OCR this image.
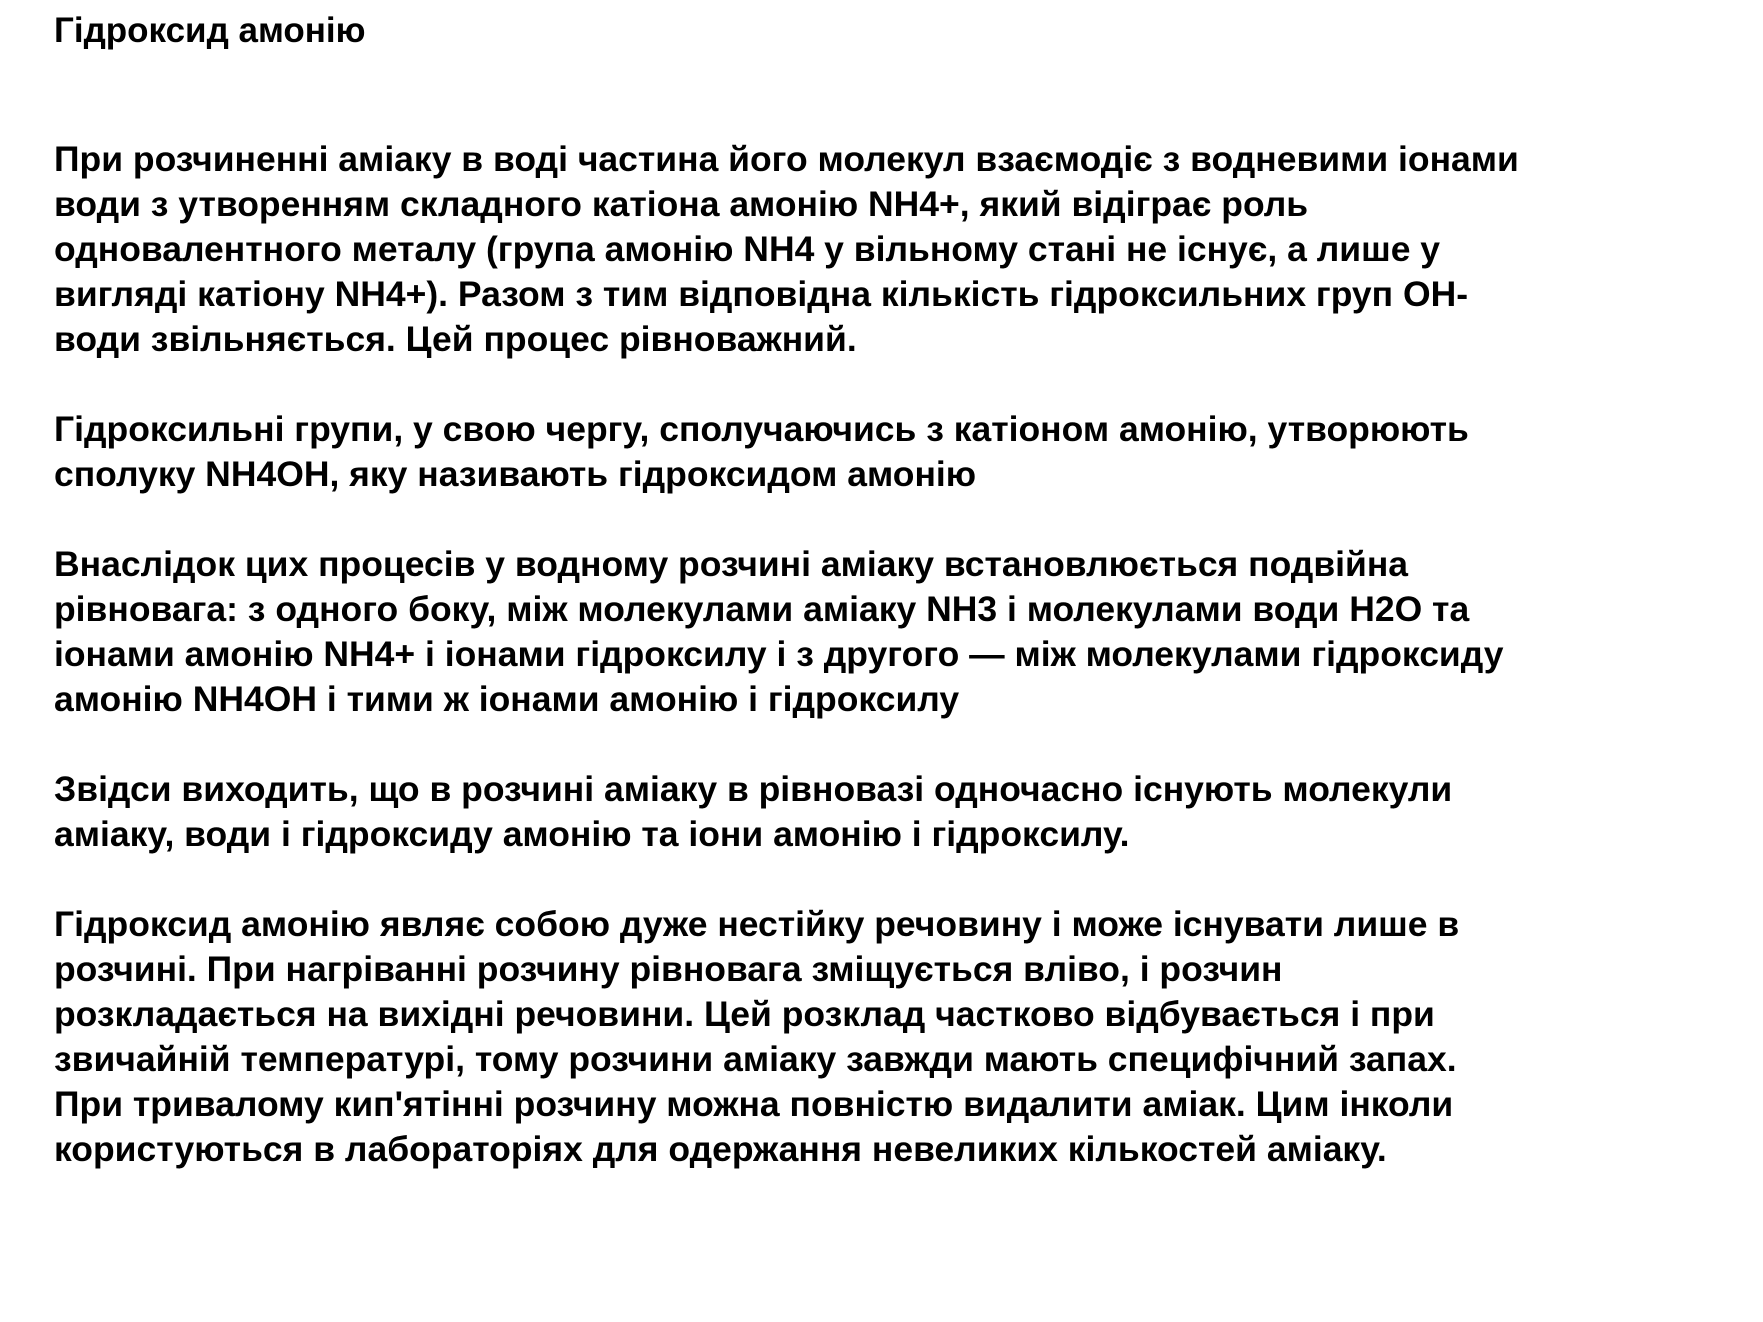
Гідроксид амонію

При розчиненні аміаку в воді частина його молекул взаємодіє з водневими іонами
води з утворенням складного катіона амонію NH4+, який відіграє роль
одновалентного металу (група амонію NH4 у вільному стані не існує, а лише у
вигляді катіону NH4+). Разом з тим відповідна кількість гідроксильних груп OH-
води звільняється. Цей процес рівноважний.

Гідроксильні групи, у свою чергу, сполучаючись з катіоном амонію, утворюють
сполуку NH4OH, яку називають гідроксидом амонію

Внаслідок цих процесів у водному розчині аміаку встановлюється подвійна
рівновага: з одного боку, між молекулами аміаку NH3 і молекулами води H2O та
іонами амонію NH4+ і іонами гідроксилу і з другого — між молекулами гідроксиду
амонію NH4OH і тими ж іонами амонію і гідроксилу

Звідси виходить, що в розчині аміаку в рівновазі одночасно існують молекули
аміаку, води і гідроксиду амонію та іони амонію і гідроксилу.

Гідроксид амонію являє собою дуже нестійку речовину і може існувати лише в
розчині. При нагріванні розчину рівновага зміщується вліво, і розчин
розкладається на вихідні речовини. Цей розклад частково відбувається і при
звичайній температурі, тому розчини аміаку завжди мають специфічний запах.
При тривалому кип'ятінні розчину можна повністю видалити аміак. Цим інколи
користуються в лабораторіях для одержання невеликих кількостей аміаку.
